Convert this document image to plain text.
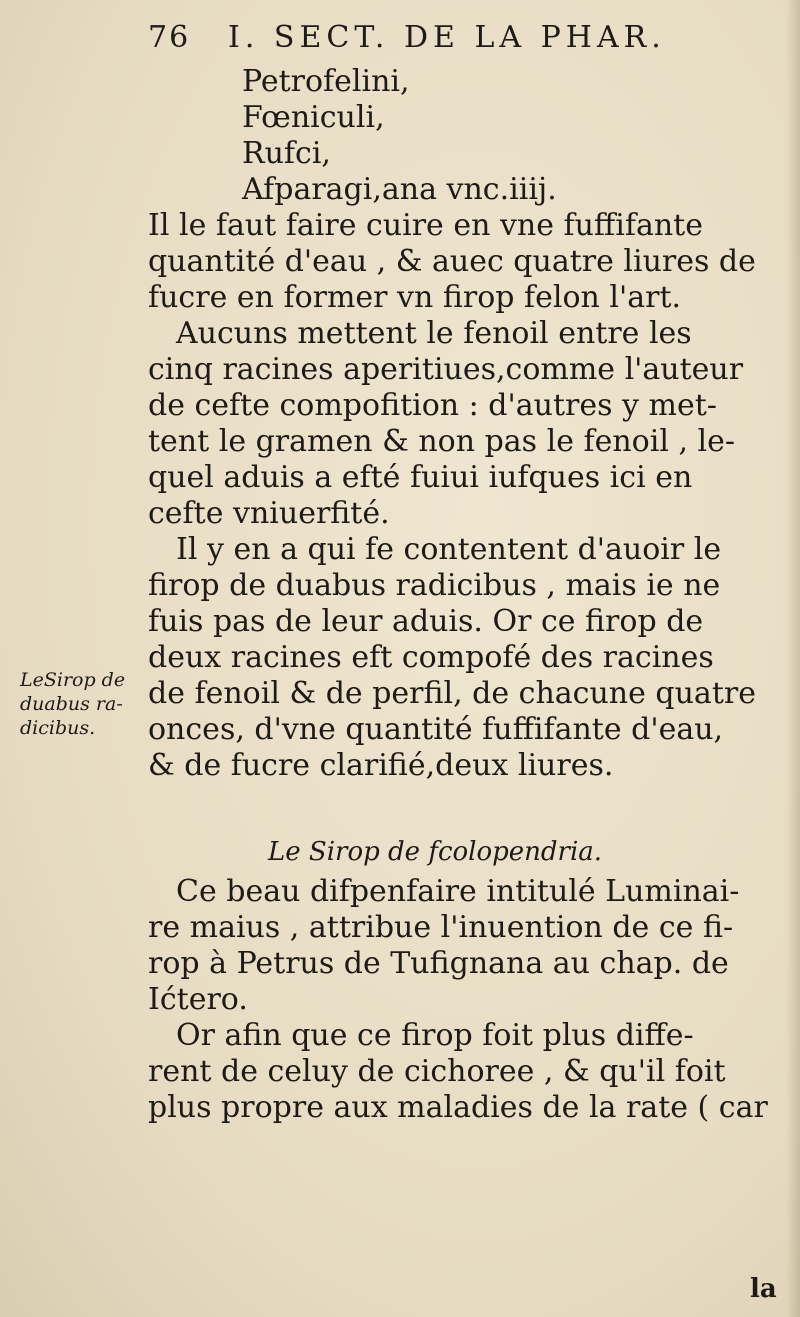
76 I. SECT. DE LA PHAR.
Petrofelini,
Fœniculi,
Rufci,
Afparagi,ana vnc.iiij.
Il le faut faire cuire en vne fuffifante
quantité d'eau , & auec quatre liures de
fucre en former vn firop felon l'art.
Aucuns mettent le fenoil entre les
cinq racines aperitiues,comme l'auteur
de cefte compofition : d'autres y met-
tent le gramen & non pas le fenoil , le-
quel aduis a efté fuiui iufques ici en
cefte vniuerfité.
Il y en a qui fe contentent d'auoir le
firop de duabus radicibus , mais ie ne
fuis pas de leur aduis. Or ce firop de
deux racines eft compofé des racines
de fenoil & de perfil, de chacune quatre
onces, d'vne quantité fuffifante d'eau,
& de fucre clarifié,deux liures.
Le Sirop de fcolopendria.
Ce beau difpenfaire intitulé Luminai-
re maius , attribue l'inuention de ce fi-
rop à Petrus de Tufignana au chap. de
Ićtero.
Or afin que ce firop foit plus diffe-
rent de celuy de cichoree , & qu'il foit
plus propre aux maladies de la rate ( car
LeSirop de
duabus ra-
dicibus.
la
